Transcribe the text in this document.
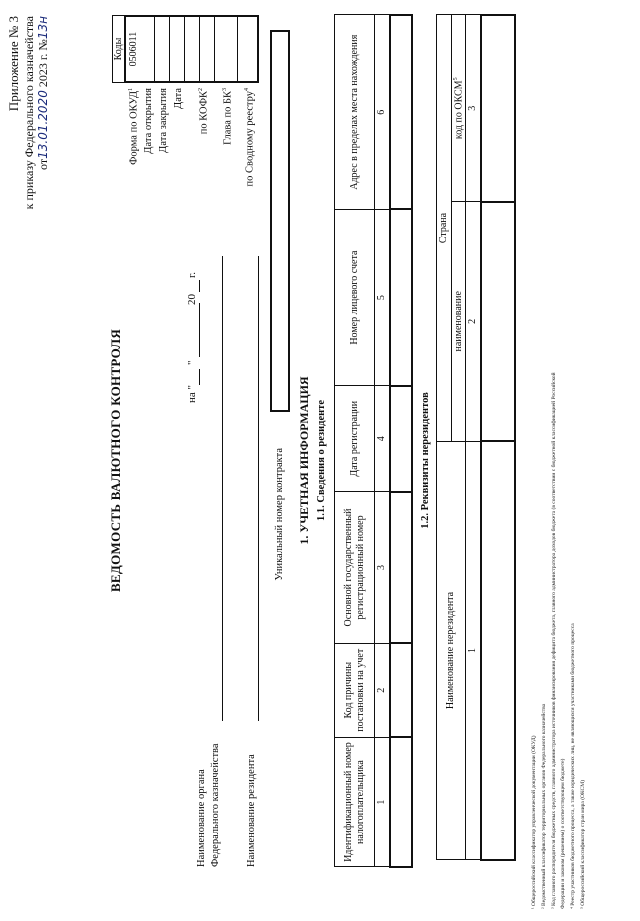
Приложение № 3 к приказу Федерального казначейства от13.01.2020 2023 г. №13н
Коды 0506011
Форма по ОКУД$^1$ Дата открытия Дата закрытия Дата по КОФК$^2$
Глава по $БК^3$
по Сводному реестру$^4$
ВЕДОМОСТЬ ВАЛЮТНОГО КОНТРОЛЯ	на "
"
20
г.
Наименование органа Федерального казначейства Наименование резидента
Уникальный номер контракта 1. УЧЕТНАЯ ИНФОРМАЦИЯ 1.1. Сведения о резиденте
Идентификационный номер налогоплательщика	Код причины постановки на учет	Основной государственный регистрационный номер	Дата регистрации	Номер лицевого счета	Адрес в пределах места нахождения
1	2	3	4	5	6

1.2. Реквизиты нерезидентов
Наименование нерезидента	Страна	
	наименование	код по ОКСМ$^5$
1	2	3

¹ Общероссийский классификатор управленческой документации (ОКУД) ² Ведомственный классификатор территориальных органов Федерального казначейства ³ Код главного распорядителя бюджетных средств, главного администратора источников финансирования дефицита бюджета, главного администратора доходов бюджета (в соответствии с бюджетной классификацией Российской Федерации и законом (решением) о соответствующем бюджете) ⁴ Реестр участников бюджетного процесса, а также юридических лиц, не являющихся участниками бюджетного процесса ⁵ Общероссийский классификатор стран мира (ОКСМ)
